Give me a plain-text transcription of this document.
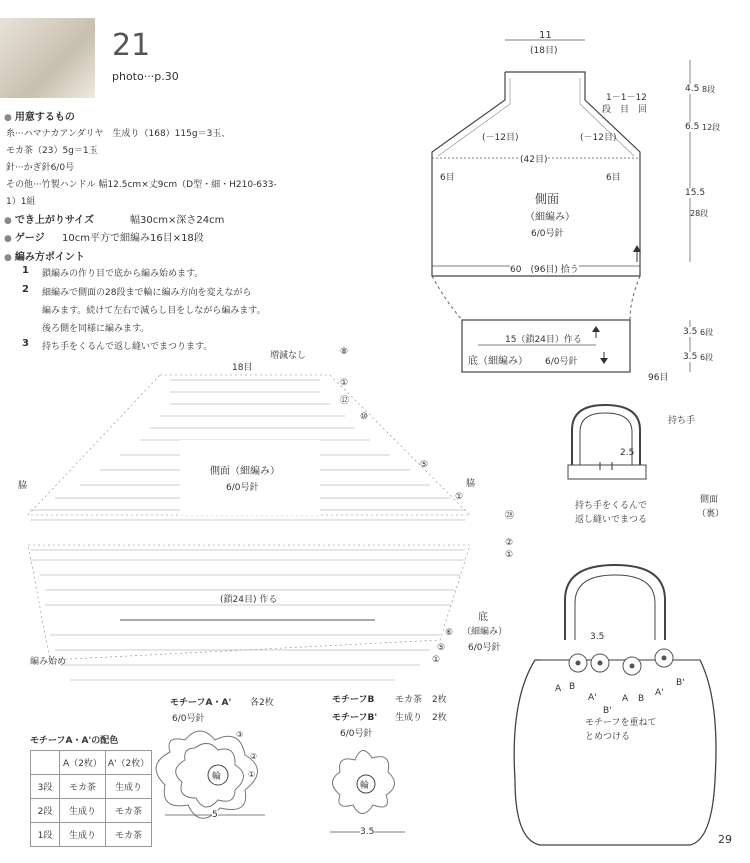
21
photo···p.30
● 用意するもの
糸···ハマナカアンダリヤ　生成り（168）115g＝3玉、
モカ茶（23）5g＝1玉
針···かぎ針6/0号
その他···竹製ハンドル 幅12.5cm×丈9cm（D型・細・H210-633-
1）1組
● でき上がりサイズ	幅30cm×深さ24cm
● ゲージ 10cm平方で細編み16目×18段
● 編み方ポイント
1 鎖編みの作り目で底から編み始めます。
2 細編みで側面の28段まで輪に編み方向を変えながら
編みます。続けて左右で減らし目をしながら編みます。
後ろ側を同様に編みます。
3 持ち手をくるんで返し縫いでまつります。
11
(18目)
1－1－12
段　目　回
(－12目)	(－12目)
(42目)
6目	6目
側面
（細編み）
6/0号針
60　(96目) 拾う
15（鎖24目）作る
底（細編み） 6/0号針
96目
4.5 8段
6.5 12段
15.5
28段
3.5 6段
3.5 6段
18目
増減なし
側面（細編み）
6/0号針
脇	脇
(鎖24目) 作る
編み始め
底
（細編み）
6/0号針
⑧
①
⑫
⑩
⑤
①
㉘
②
①
⑥
⑤
①
持ち手
2.5
側面
（裏）
持ち手をくるんで
返し縫いでまつる
3.5
A B
A'
B'
A B
A'
B'
モチーフを重ねて
とめつける
モチーフA・A' 各2枚
6/0号針
モチーフB モカ茶 2枚
モチーフB' 生成り 2枚
6/0号針
輪
輪
5
3.5
①
②
③
モチーフA・A'の配色
	A（2枚）	A'（2枚）
3段	モカ茶	生成り
2段	生成り	モカ茶
1段	生成り	モカ茶	29
